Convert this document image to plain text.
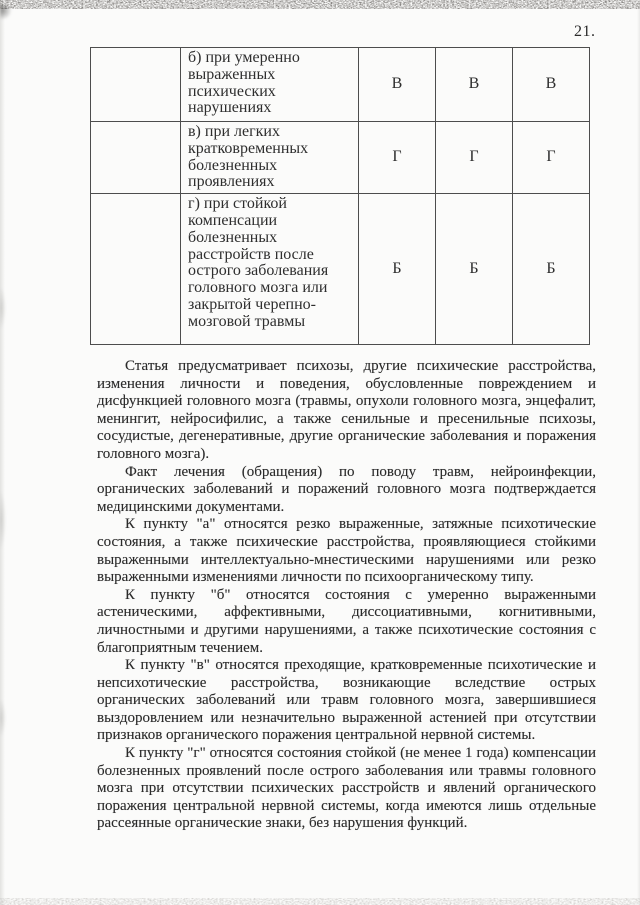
21.
	б) при умеренно выраженных психических нарушениях	В	В	В
	в) при легких кратковременных болезненных проявлениях	Г	Г	Г
	г) при стойкой компенсации болезненных расстройств после острого заболевания головного мозга или закрытой черепно-мозговой травмы	Б	Б	Б

Статья предусматривает психозы, другие психические расстройства, изменения личности и поведения, обусловленные повреждением и дисфункцией головного мозга (травмы, опухоли головного мозга, энцефалит, менингит, нейросифилис, а также сенильные и пресенильные психозы, сосудистые, дегенеративные, другие органические заболевания и поражения головного мозга).

Факт лечения (обращения) по поводу травм, нейроинфекции, органических заболеваний и поражений головного мозга подтверждается медицинскими документами.

К пункту "а" относятся резко выраженные, затяжные психотические состояния, а также психические расстройства, проявляющиеся стойкими выраженными интеллектуально-мнестическими нарушениями или резко выраженными изменениями личности по психоорганическому типу.

К пункту "б" относятся состояния с умеренно выраженными астеническими, аффективными, диссоциативными, когнитивными, личностными и другими нарушениями, а также психотические состояния с благоприятным течением.

К пункту "в" относятся преходящие, кратковременные психотические и непсихотические расстройства, возникающие вследствие острых органических заболеваний или травм головного мозга, завершившиеся выздоровлением или незначительно выраженной астенией при отсутствии признаков органического поражения центральной нервной системы.

К пункту "г" относятся состояния стойкой (не менее 1 года) компенсации болезненных проявлений после острого заболевания или травмы головного мозга при отсутствии психических расстройств и явлений органического поражения центральной нервной системы, когда имеются лишь отдельные рассеянные органические знаки, без нарушения функций.
